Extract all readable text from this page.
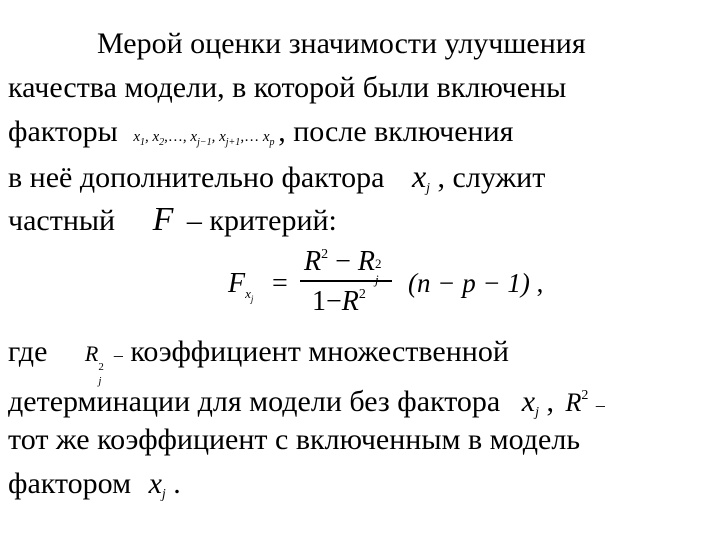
Мерой оценки значимости улучшения
качества модели, в которой были включены
факторы $x_1$, $x_2,\dots$, $x_{j-1}$, $x_{j+1},\dots$ $x_p$ , после включения
в неё дополнительно фактора $x_j$ , служит
частный F – критерий:
$F_{xj}$ =
$R^2 - R$ 2
$1-R^2$ (n − p − 1) ,
где R
2
j
– коэффициент множественной
детерминации для модели без фактора $x_j$ , $R^2$ –
тот же коэффициент с включенным в модель
фактором $x_j$ .
